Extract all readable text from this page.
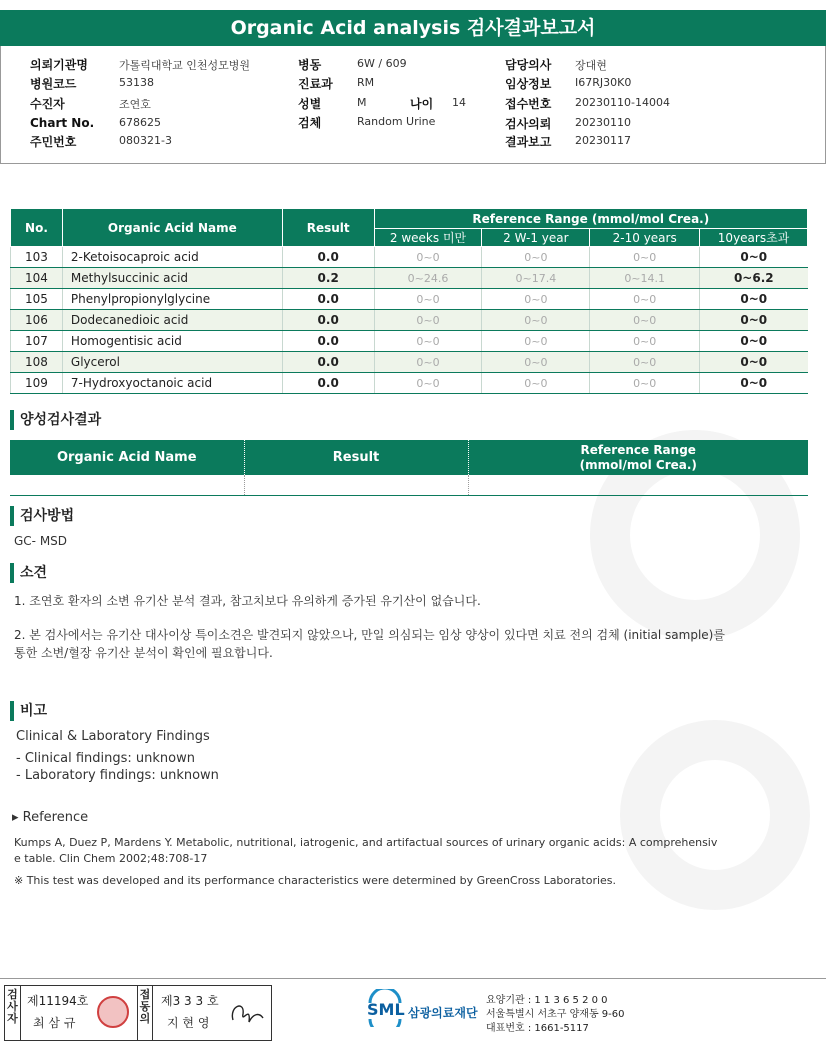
Organic Acid analysis 검사결과보고서
의뢰기관명	가톨릭대학교 인천성모병원
병원코드	53138
수진자	조연호
Chart No. 678625
주민번호	080321-3
병동	6W / 609
진료과 RM
성별	M	나이 14
검체	Random Urine
담당의사 장대현
임상정보 I67RJ30K0
접수번호 20230110-14004
검사의뢰 20230110
결과보고 20230117
No.	Organic Acid Name	Result	Reference Range (mmol/mol Crea.)			
			2 weeks 미만	2 W-1 year	2-10 years	10years초과
103	2-Ketoisocaproic acid	0.0	0~0	0~0	0~0	0~0
104	Methylsuccinic acid	0.2	0~24.6	0~17.4	0~14.1	0~6.2
105	Phenylpropionylglycine	0.0	0~0	0~0	0~0	0~0
106	Dodecanedioic acid	0.0	0~0	0~0	0~0	0~0
107	Homogentisic acid	0.0	0~0	0~0	0~0	0~0
108	Glycerol	0.0	0~0	0~0	0~0	0~0
109	7-Hydroxyoctanoic acid	0.0	0~0	0~0	0~0	0~0
양성검사결과
Organic Acid Name	Result	Reference Range
(mmol/mol Crea.)

검사방법
GC- MSD
소견
1. 조연호 환자의 소변 유기산 분석 결과, 참고치보다 유의하게 증가된 유기산이 없습니다.
2. 본 검사에서는 유기산 대사이상 특이소견은 발견되지 않았으나, 만일 의심되는 임상 양상이 있다면 치료 전의 검체 (initial sample)를
통한 소변/혈장 유기산 분석이 확인에 필요합니다.
비고
Clinical & Laboratory Findings
- Clinical findings: unknown
- Laboratory findings: unknown
▸ Reference
Kumps A, Duez P, Mardens Y. Metabolic, nutritional, iatrogenic, and artifactual sources of urinary organic acids: A comprehensiv
e table. Clin Chem 2002;48:708-17
※ This test was developed and its performance characteristics were determined by GreenCross Laboratories.
검사자
제11194호
최 삼 규
접동의
제3 3 3 호
지 현 영
SML 삼광의료재단
요양기관 : 1 1 3 6 5 2 0 0
서울특별시 서초구 양재동 9-60
대표번호 : 1661-5117
